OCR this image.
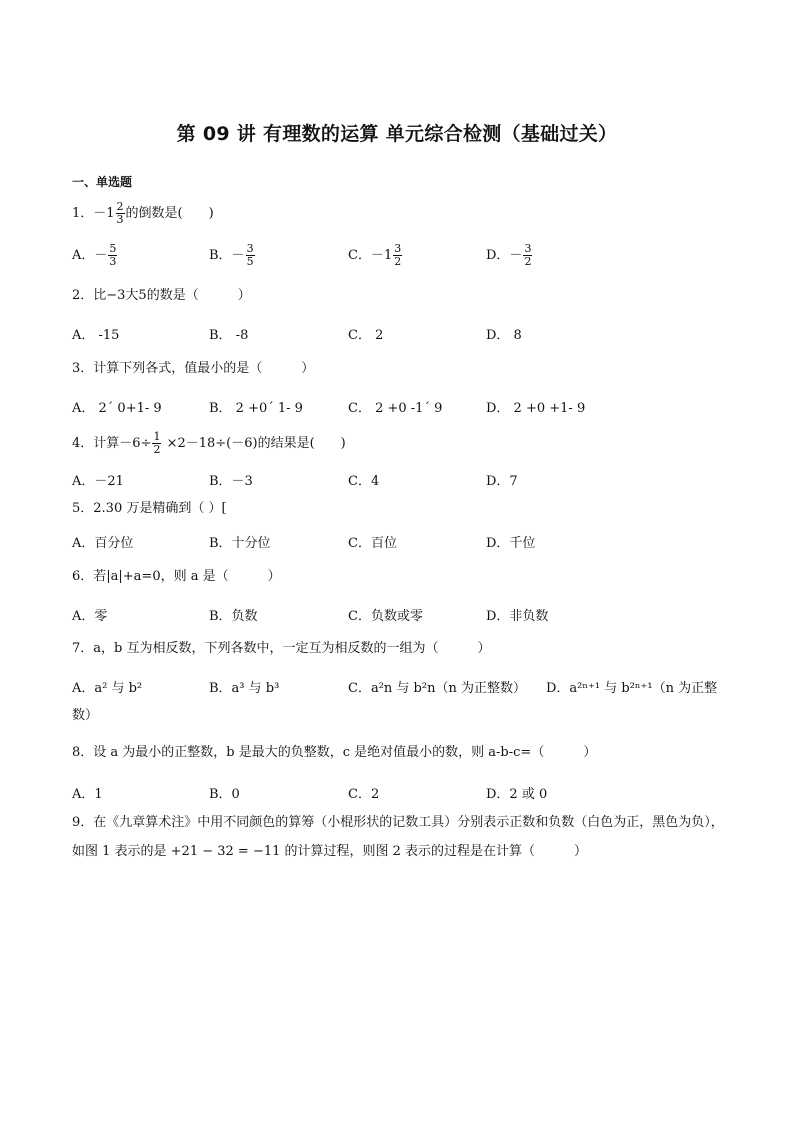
第 09 讲 有理数的运算 单元综合检测（基础过关）
一、单选题
1．$-1 \frac{2}{3}$ 的倒数是(　　)
A．－ $\frac{5}{3}$	B．－ $\frac{3}{5}$	C．$-1 \frac{3}{2}$	D．－ $\frac{3}{2}$
2．比−3大5的数是（　　　）
A． -15	B． -8	C． 2	D． 8
3．计算下列各式，值最小的是（　　　）
A． 2´ 0+1- 9	B． 2 +0´ 1- 9	C． 2 +0 -1´ 9	D． 2 +0 +1- 9
4．计算$-6\div \frac{1}{2} \times 2-18\div(-6)$的结果是(　　)
A．－21	B．－3	C．4	D．7
5．2.30 万是精确到（ ）[
A．百分位	B．十分位	C．百位	D．千位
6．若|a|+a=0，则 a 是（　　　）
A．零	B．负数	C．负数或零	D．非负数
7．a，b 互为相反数，下列各数中，一定互为相反数的一组为（　　　）
A．a² 与 b²	B．a³ 与 b³	C．a²n 与 b²n（n 为正整数） D．a²ⁿ⁺¹ 与 b²ⁿ⁺¹（n 为正整
数）
8．设 a 为最小的正整数，b 是最大的负整数，c 是绝对值最小的数，则 a-b-c=（　　　）
A．1	B．0	C．2	D．2 或 0
9．在《九章算术注》中用不同颜色的算筹（小棍形状的记数工具）分别表示正数和负数（白色为正，黑色为负），如图 1 表示的是 +21 − 32 = −11 的计算过程，则图 2 表示的过程是在计算（　　　）
